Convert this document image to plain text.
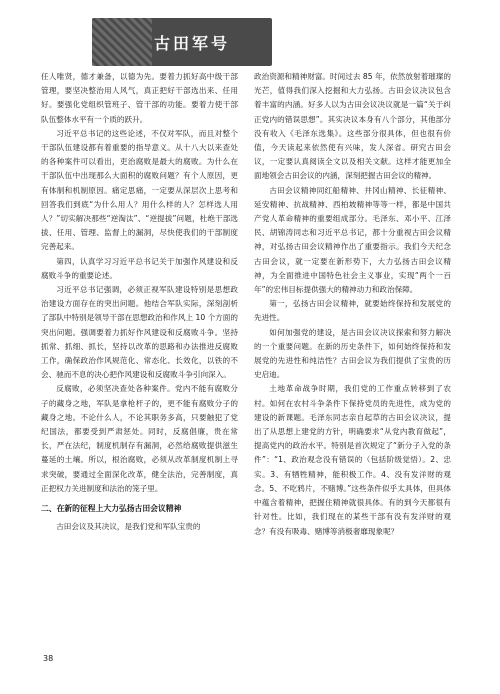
古田军号

任人唯贤，德才兼备，以德为先。要着力抓好高中级干部管理，要坚决整治用人风气，真正把好干部选出来、任用好。要强化党组织管班子、管干部的功能。要着力使干部队伍整体水平有一个质的跃升。

习近平总书记的这些论述，不仅对军队，而且对整个干部队伍建设都有着重要的指导意义。从十八大以来查处的各种案件可以看出，吏治腐败是最大的腐败。为什么在干部队伍中出现那么大面积的腐败问题？有个人原因，更有体制和机制原因。痛定思痛，一定要从深层次上思考和回答我们到底“为什么用人？用什么样的人？怎样选人用人？”切实解决那些“逆淘汰”、“逆提拔”问题，杜绝干部选拔、任用、管理、监督上的漏洞，尽快使我们的干部制度完善起来。

第四，认真学习习近平总书记关于加强作风建设和反腐败斗争的重要论述。

习近平总书记强调，必须正视军队建设特别是思想政治建设方面存在的突出问题。他结合军队实际，深刻剖析了部队中特别是领导干部在思想政治和作风上 10 个方面的突出问题。强调要着力抓好作风建设和反腐败斗争。坚持抓常、抓细、抓长，坚持以改革的思路和办法推进反腐败工作，确保政治作风规范化、常态化、长效化，以铁的不会、驰而不息的决心把作风建设和反腐败斗争引向深入。

反腐败，必须坚决查处各种案件。党内不能有腐败分子的藏身之地，军队是拿枪杆子的，更不能有腐败分子的藏身之地。不论什么人，不论其职务多高，只要触犯了党纪国法，都要受到严肃惩处。同时，反腐倡廉，贵在常长，严在法纪，制度机制存有漏洞，必然给腐败提供滋生蔓延的土壤。所以，根治腐败，必须从改革制度机制上寻求突破，要通过全面深化改革，健全法治，完善制度，真正把权力关进制度和法治的笼子里。

二、在新的征程上大力弘扬古田会议精神

古田会议及其决议，是我们党和军队宝贵的

政治资源和精神财富。时间过去 85 年，依然放射着璀璨的光芒，值得我们深入挖掘和大力弘扬。古田会议决议包含着丰富的内涵。好多人以为古田会议决议就是一篇“关于纠正党内的错误思想”。其实决议本身有八个部分，其他部分没有收入《毛泽东选集》。这些部分很具体，但也很有价值，今天读起来依然使有兴味，发人深省。研究古田会议，一定要认真阅读全文以及相关文献。这样才能更加全面地领会古田会议的内涵，深刻把握古田会议的精神。

古田会议精神同红船精神、井冈山精神、长征精神、延安精神、抗战精神、西柏坡精神等等一样，都是中国共产党人革命精神的重要组成部分。毛泽东、邓小平、江泽民、胡锦涛同志和习近平总书记，都十分重视古田会议精神，对弘扬古田会议精神作出了重要指示。我们今天纪念古田会议，就一定要在新形势下，大力弘扬古田会议精神，为全面推进中国特色社会主义事业，实现“两个一百年”的宏伟目标提供强大的精神动力和政治保障。

第一，弘扬古田会议精神，就要始终保持和发展党的先进性。

如何加强党的建设，是古田会议决议探索和努力解决的一个重要问题。在新的历史条件下，如何始终保持和发展党的先进性和纯洁性？古田会议为我们提供了宝贵的历史启迪。

土地革命战争时期，我们党的工作重点转移到了农村。如何在农村斗争条件下保持党员的先进性，成为党的建设的新课题。毛泽东同志亲自起草的古田会议决议，提出了从思想上建党的方针，明确要求“从党内教育做起”，提高党内的政治水平。特别是首次规定了“新分子入党的条件”：“1、政治观念没有错误的（包括阶级觉悟）。2、忠实。3、有牺牲精神，能积极工作。4、没有发洋财的观念。5、不吃鸦片，不赌博。”这些条件似乎太具体，但具体中蕴含着精神，把握住精神就很具体。有的到今天都很有针对性。比如，我们现在的某些干部有没有发洋财的观念？有没有吸毒、赌博等消极奢靡现象呢？

38
